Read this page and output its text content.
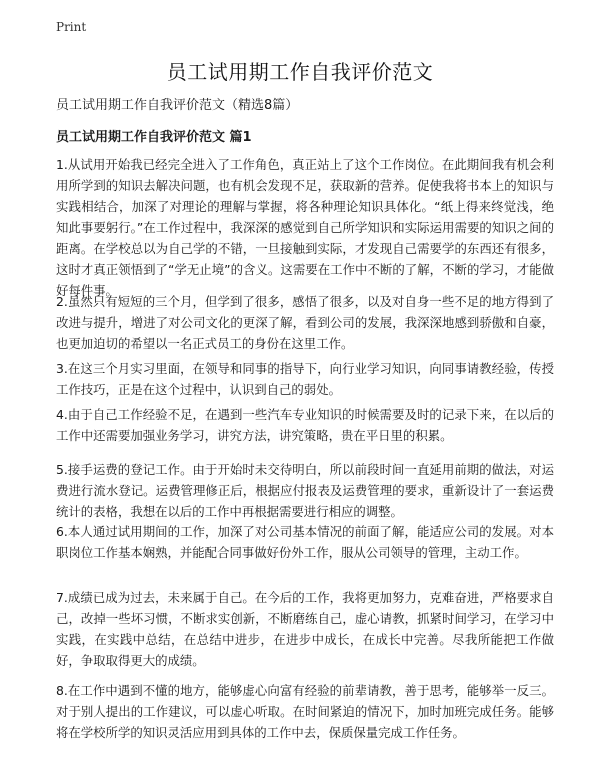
Print
员工试用期工作自我评价范文

员工试用期工作自我评价范文（精选8篇）

员工试用期工作自我评价范文 篇1

1.从试用开始我已经完全进入了工作角色，真正站上了这个工作岗位。在此期间我有机会利用所学到的知识去解决问题，也有机会发现不足，获取新的营养。促使我将书本上的知识与实践相结合，加深了对理论的理解与掌握，将各种理论知识具体化。“纸上得来终觉浅，绝知此事要躬行。”在工作过程中，我深深的感觉到自己所学知识和实际运用需要的知识之间的距离。在学校总以为自己学的不错，一旦接触到实际，才发现自己需要学的东西还有很多，这时才真正领悟到了“学无止境”的含义。这需要在工作中不断的了解，不断的学习，才能做好每件事。

2.虽然只有短短的三个月，但学到了很多，感悟了很多，以及对自身一些不足的地方得到了改进与提升，增进了对公司文化的更深了解，看到公司的发展，我深深地感到骄傲和自豪，也更加迫切的希望以一名正式员工的身份在这里工作。

3.在这三个月实习里面，在领导和同事的指导下，向行业学习知识，向同事请教经验，传授工作技巧，正是在这个过程中，认识到自己的弱处。

4.由于自己工作经验不足，在遇到一些汽车专业知识的时候需要及时的记录下来，在以后的工作中还需要加强业务学习，讲究方法，讲究策略，贵在平日里的积累。

5.接手运费的登记工作。由于开始时未交待明白，所以前段时间一直延用前期的做法，对运费进行流水登记。运费管理修正后，根据应付报表及运费管理的要求，重新设计了一套运费统计的表格，我想在以后的工作中再根据需要进行相应的调整。

6.本人通过试用期间的工作，加深了对公司基本情况的前面了解，能适应公司的发展。对本职岗位工作基本娴熟，并能配合同事做好份外工作，服从公司领导的管理，主动工作。

7.成绩已成为过去，未来属于自己。在今后的工作，我将更加努力，克难奋进，严格要求自己，改掉一些坏习惯，不断求实创新，不断磨练自己，虚心请教，抓紧时间学习，在学习中实践，在实践中总结，在总结中进步，在进步中成长，在成长中完善。尽我所能把工作做好，争取取得更大的成绩。

8.在工作中遇到不懂的地方，能够虚心向富有经验的前辈请教，善于思考，能够举一反三。对于别人提出的工作建议，可以虚心听取。在时间紧迫的情况下，加时加班完成任务。能够将在学校所学的知识灵活应用到具体的工作中去，保质保量完成工作任务。
